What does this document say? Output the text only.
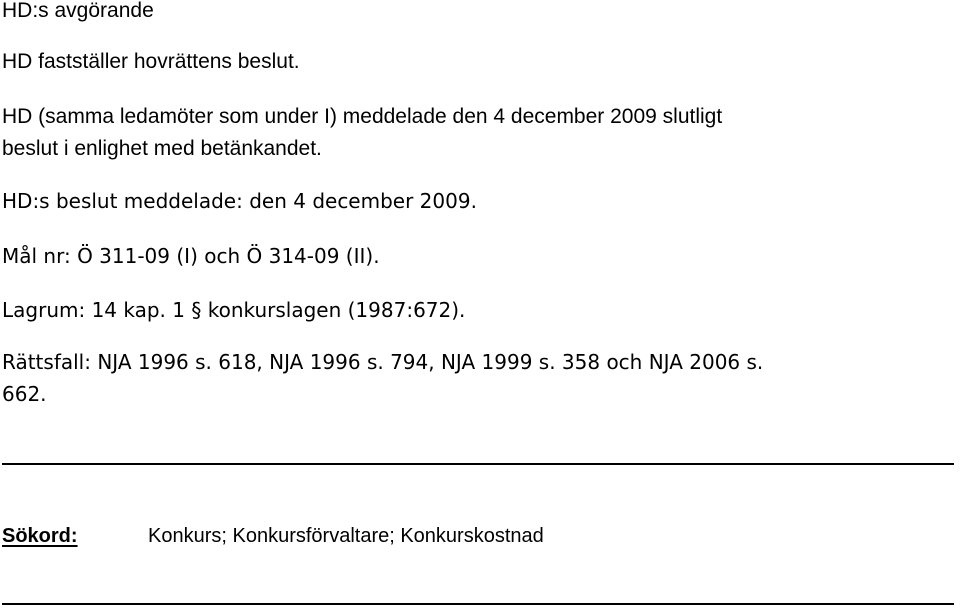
HD:s avgörande
HD fastställer hovrättens beslut.
HD (samma ledamöter som under I) meddelade den 4 december 2009 slutligt
beslut i enlighet med betänkandet.
HD:s beslut meddelade: den 4 december 2009.
Mål nr: Ö 311-09 (I) och Ö 314-09 (II).
Lagrum: 14 kap. 1 § konkurslagen (1987:672).
Rättsfall: NJA 1996 s. 618, NJA 1996 s. 794, NJA 1999 s. 358 och NJA 2006 s.
662.
Sökord:	Konkurs; Konkursförvaltare; Konkurskostnad
